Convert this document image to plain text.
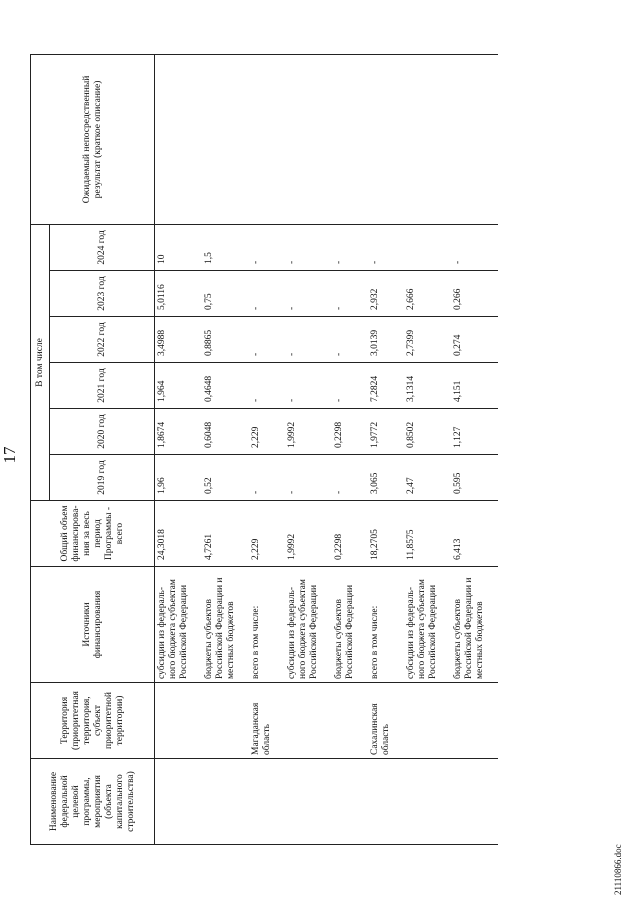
17
Наименование федеральной целевой программы, мероприятия (объекта капитального строительства)	Территория (приоритетная территория, субъект приоритетной территории)	Источники финансирования	Общий объем финансирова-ния за весь период Программы - всего	В том числе						Ожидаемый непосредственный результат (краткое описание)
				2019 год	2020 год	2021 год	2022 год	2023 год	2024 год	
		субсидии из федераль-ного бюджета субъектам Российской Федерации	24,3018	1,96	1,8674	1,964	3,4988	5,0116	10	
		бюджеты субъектов Российской Федерации и местных бюджетов	4,7261	0,52	0,6048	0,4648	0,8865	0,75	1,5	
	Магаданская область	всего в том числе:	2,229	-	2,229	-	-	-	-	
		субсидии из федераль-ного бюджета субъектам Российской Федерации	1,9992	-	1,9992	-	-	-	-	
		бюджеты субъектов Российской Федерации	0,2298	-	0,2298	-	-	-	-	
	Сахалинская область	всего в том числе:	18,2705	3,065	1,9772	7,2824	3,0139	2,932	-	
		субсидии из федераль-ного бюджета субъектам Российской Федерации	11,8575	2,47	0,8502	3,1314	2,7399	2,666		
		бюджеты субъектов Российской Федерации и местных бюджетов	6,413	0,595	1,127	4,151	0,274	0,266	-	
21110866.doc
